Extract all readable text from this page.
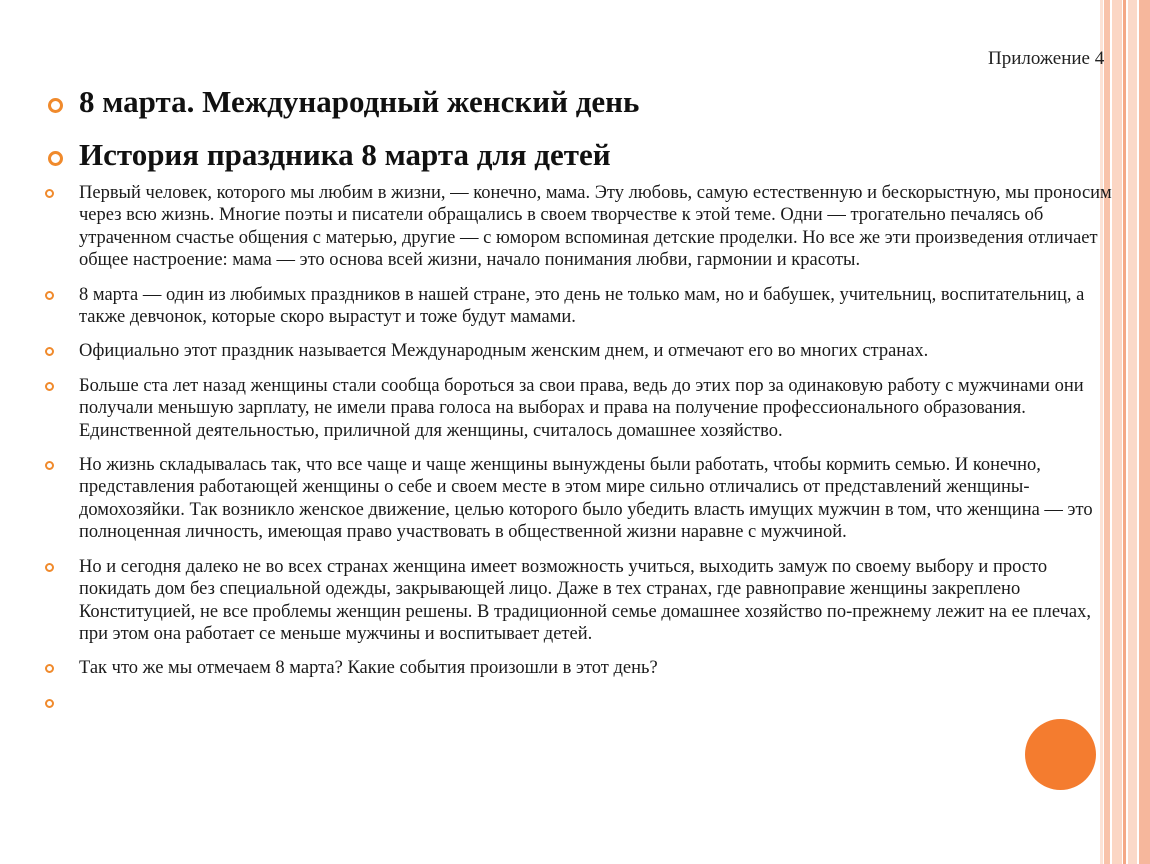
Приложение 4
8 марта. Международный женский день
История праздника 8 марта для детей
Первый человек, которого мы любим в жизни, — конечно, мама. Эту любовь, самую естественную и бескорыстную, мы проносим через всю жизнь. Многие поэты и писатели обращались в своем творчестве к этой теме. Одни — трогательно печалясь об утраченном счастье общения с матерью, другие — с юмором вспоминая детские проделки. Но все же эти произведения отличает общее настроение: мама — это основа всей жизни, начало понимания любви, гармонии и красоты.
8 марта — один из любимых праздников в нашей стране, это день не только мам, но и бабушек, учительниц, воспитательниц, а также девчонок, которые скоро вырастут и тоже будут мамами.
Официально этот праздник называется Международным женским днем, и отмечают его во многих странах.
Больше ста лет назад женщины стали сообща бороться за свои права, ведь до этих пор за одинаковую работу с мужчинами они получали меньшую зарплату, не имели права голоса на выборах и права на получение профессионального образования. Единственной деятельностью, приличной для женщины, считалось домашнее хозяйство.
Но жизнь складывалась так, что все чаще и чаще женщины вынуждены были работать, чтобы кормить семью. И конечно, представления работающей женщины о себе и своем месте в этом мире сильно отличались от представлений женщины-домохозяйки. Так возникло женское движение, целью которого было убедить власть имущих мужчин в том, что женщина — это полноценная личность, имеющая право участвовать в общественной жизни наравне с мужчиной.
Но и сегодня далеко не во всех странах женщина имеет возможность учиться, выходить замуж по своему выбору и просто покидать дом без специальной одежды, закрывающей лицо. Даже в тех странах, где равноправие женщины закреплено Конституцией, не все проблемы женщин решены. В традиционной семье домашнее хозяйство по-прежнему лежит на ее плечах, при этом она работает се меньше мужчины и воспитывает детей.
Так что же мы отмечаем 8 марта? Какие события произошли в этот день?
